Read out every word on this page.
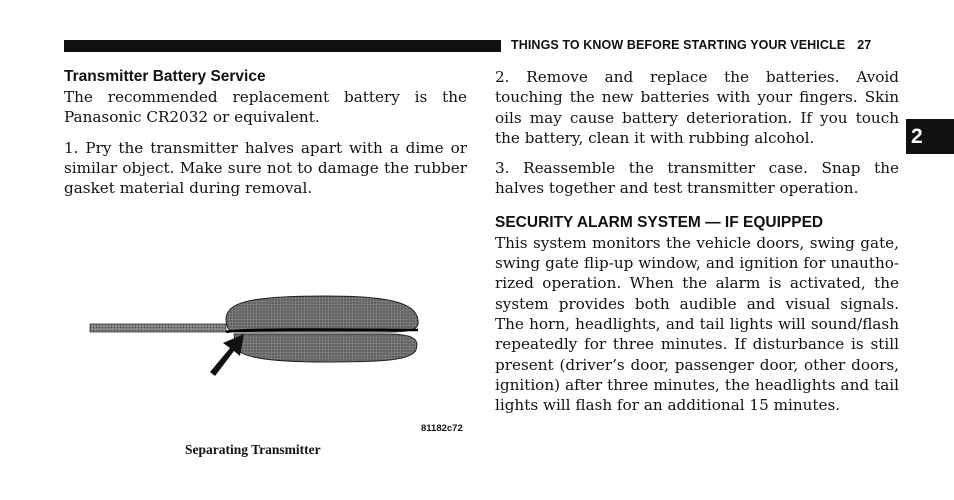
THINGS TO KNOW BEFORE STARTING YOUR VEHICLE 27
2
Transmitter Battery Service

The recommended replacement battery is the Panasonic CR2032 or equivalent.

1. Pry the transmitter halves apart with a dime or similar object. Make sure not to damage the rubber gasket material during removal.

81182c72
Separating Transmitter

2. Remove and replace the batteries. Avoid touching the new batteries with your fingers. Skin oils may cause battery deterioration. If you touch the battery, clean it with rubbing alcohol.

3. Reassemble the transmitter case. Snap the halves together and test transmitter operation.

SECURITY ALARM SYSTEM — IF EQUIPPED

This system monitors the vehicle doors, swing gate, swing gate flip-up window, and ignition for unautho-rized operation. When the alarm is activated, the system provides both audible and visual signals. The horn, headlights, and tail lights will sound/flash repeatedly for three minutes. If disturbance is still present (driver’s door, passenger door, other doors, ignition) after three minutes, the headlights and tail lights will flash for an additional 15 minutes.
